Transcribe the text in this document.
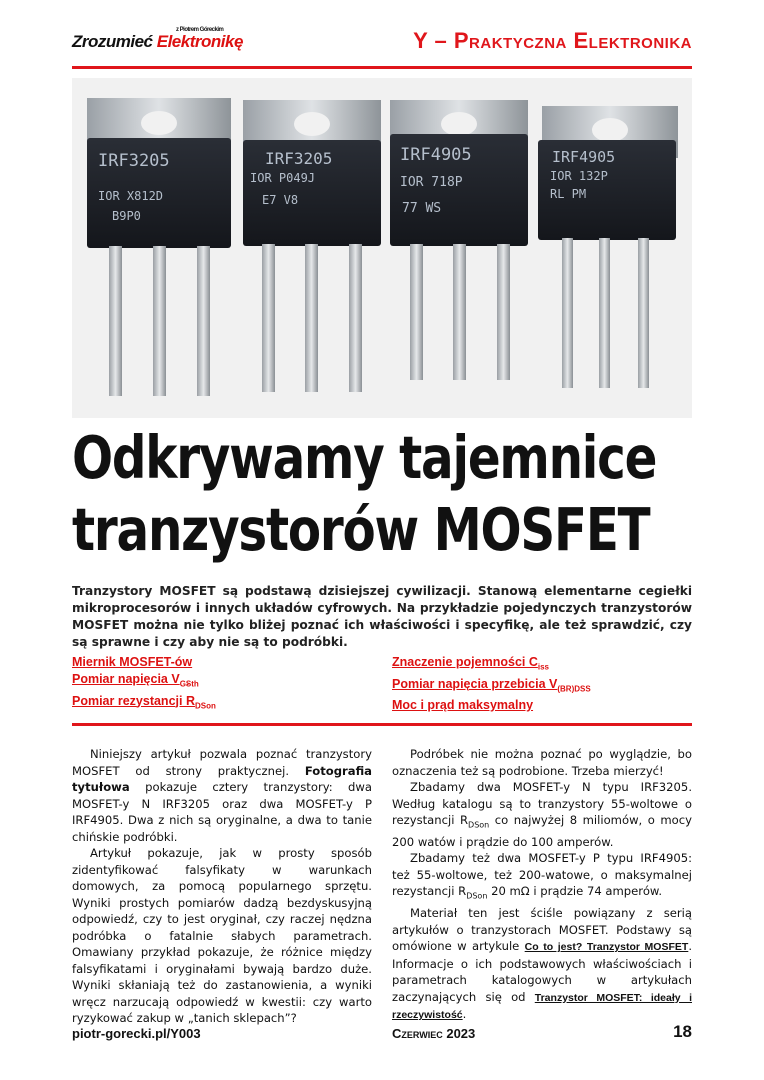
Zrozumieć Elektronikę
z Piotrem Góreckim	Y – Praktyczna Elektronika
IRF3205
IOR X812D
B9P0
IRF3205
IOR P049J
E7 V8
IRF4905
IOR 718P
77 WS
IRF4905
IOR 132P
RL PM
Odkrywamy tajemnice
tranzystorów MOSFET
Tranzystory MOSFET są podstawą dzisiejszej cywilizacji. Stanową elementarne cegiełki mikroprocesorów i innych układów cyfrowych. Na przykładzie pojedynczych tranzystorów MOSFET można nie tylko bliżej poznać ich właściwości i specyfikę, ale też sprawdzić, czy są sprawne i czy aby nie są to podróbki.
Miernik MOSFET-ów
Pomiar napięcia $V_{GSth}$
Pomiar rezystancji $R_{DSon}$
Znaczenie pojemności $C_{iss}$
Pomiar napięcia przebicia $V_{(BR)DSS}$
Moc i prąd maksymalny

Niniejszy artykuł pozwala poznać tranzystory MOSFET od strony praktycznej. Fotografia tytułowa pokazuje cztery tranzystory: dwa MOSFET-y N IRF3205 oraz dwa MOSFET-y P IRF4905. Dwa z nich są oryginalne, a dwa to tanie chińskie podróbki.

Artykuł pokazuje, jak w prosty sposób zidentyfikować falsyfikaty w warunkach domowych, za pomocą popularnego sprzętu. Wyniki prostych pomiarów dadzą bezdyskusyjną odpowiedź, czy to jest oryginał, czy raczej nędzna podróbka o fatalnie słabych parametrach. Omawiany przykład pokazuje, że różnice między falsyfikatami i oryginałami bywają bardzo duże. Wyniki skłaniają też do zastanowienia, a wyniki wręcz narzucają odpowiedź w kwestii: czy warto ryzykować zakup w „tanich sklepach”?

Podróbek nie można poznać po wyglądzie, bo oznaczenia też są podrobione. Trzeba mierzyć!

Zbadamy dwa MOSFET-y N typu IRF3205. Według katalogu są to tranzystory 55-woltowe o rezystancji $R_{DSon}$ co najwyżej 8 miliomów, o mocy 200 watów i prądzie do 100 amperów.

Zbadamy też dwa MOSFET-y P typu IRF4905: też 55-woltowe, też 200-watowe, o maksymalnej rezystancji $R_{DSon}$ 20 mΩ i prądzie 74 amperów.

Materiał ten jest ściśle powiązany z serią artykułów o tranzystorach MOSFET. Podstawy są omówione w artykule Co to jest? Tranzystor MOSFET. Informacje o ich podstawowych właściwościach i parametrach katalogowych w artykułach zaczynających się od Tranzystor MOSFET: ideały i rzeczywistość.

piotr-gorecki.pl/Y003	Czerwiec 2023	18
